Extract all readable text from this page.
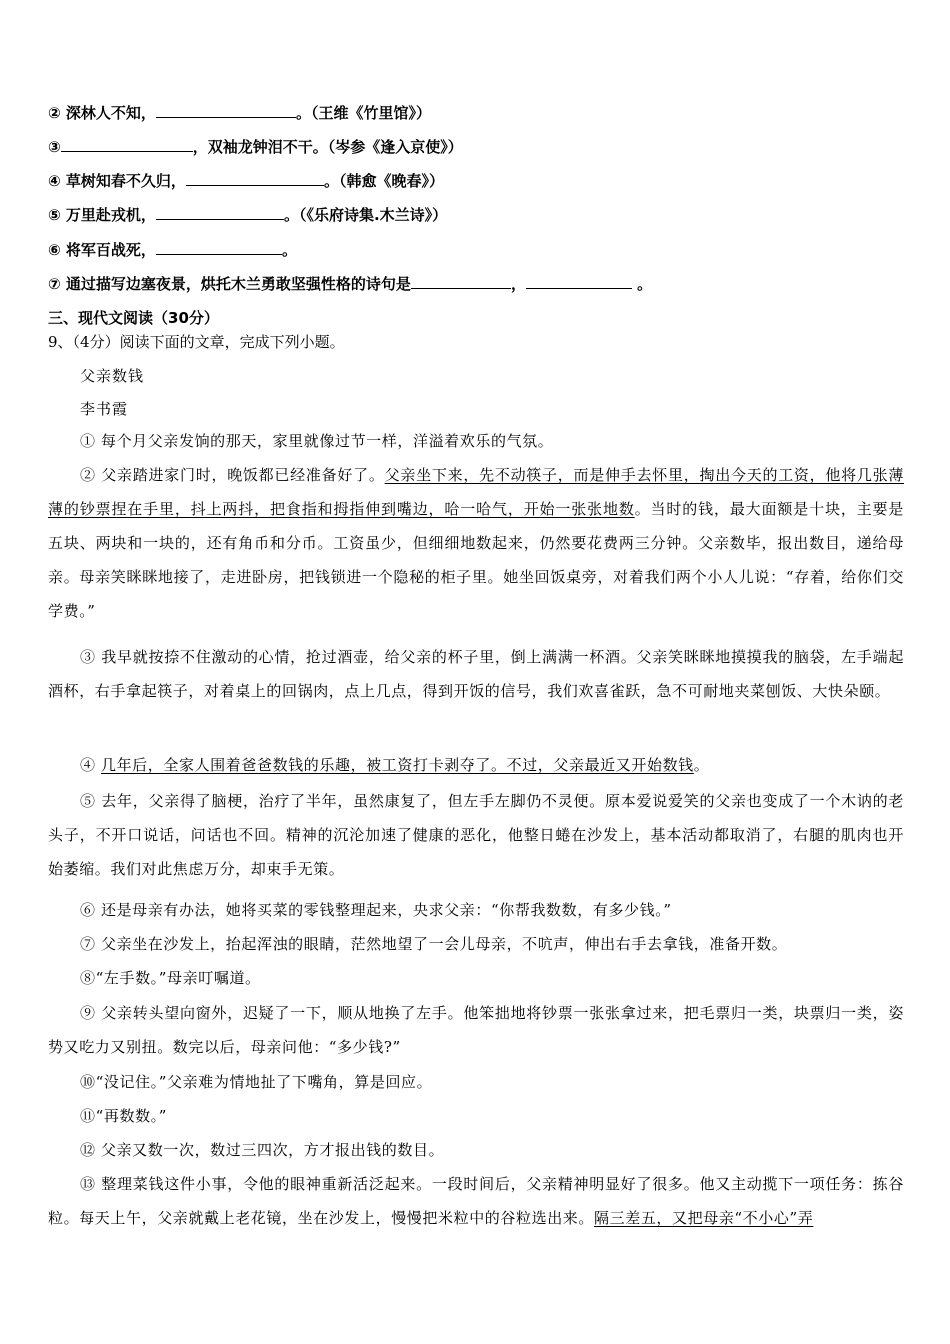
② 深林人不知，	。（王维《竹里馆》）
③	，双袖龙钟泪不干。（岑参《逢入京使》）
④ 草树知春不久归，	。（韩愈《晚春》）
⑤ 万里赴戎机，	。（《乐府诗集.木兰诗》）
⑥ 将军百战死，	。
⑦ 通过描写边塞夜景，烘托木兰勇敢坚强性格的诗句是	，	。
三、现代文阅读（30分）
9、（4分）阅读下面的文章，完成下列小题。
父亲数钱
李书霞
① 每个月父亲发饷的那天，家里就像过节一样，洋溢着欢乐的气氛。
② 父亲踏进家门时，晚饭都已经准备好了。父亲坐下来，先不动筷子，而是伸手去怀里，掏出今天的工资，他将几张薄薄的钞票捏在手里，抖上两抖，把食指和拇指伸到嘴边，哈一哈气，开始一张张地数。当时的钱，最大面额是十块，主要是五块、两块和一块的，还有角币和分币。工资虽少，但细细地数起来，仍然要花费两三分钟。父亲数毕，报出数目，递给母亲。母亲笑眯眯地接了，走进卧房，把钱锁进一个隐秘的柜子里。她坐回饭桌旁，对着我们两个小人儿说：“存着，给你们交学费。”
③ 我早就按捺不住激动的心情，抢过酒壶，给父亲的杯子里，倒上满满一杯酒。父亲笑眯眯地摸摸我的脑袋，左手端起酒杯，右手拿起筷子，对着桌上的回锅肉，点上几点，得到开饭的信号，我们欢喜雀跃，急不可耐地夹菜刨饭、大快朵颐。
④ 几年后，全家人围着爸爸数钱的乐趣，被工资打卡剥夺了。不过，父亲最近又开始数钱。
⑤ 去年，父亲得了脑梗，治疗了半年，虽然康复了，但左手左脚仍不灵便。原本爱说爱笑的父亲也变成了一个木讷的老头子，不开口说话，问话也不回。精神的沉沦加速了健康的恶化，他整日蜷在沙发上，基本活动都取消了，右腿的肌肉也开始萎缩。我们对此焦虑万分，却束手无策。
⑥ 还是母亲有办法，她将买菜的零钱整理起来，央求父亲：“你帮我数数，有多少钱。”
⑦ 父亲坐在沙发上，抬起浑浊的眼睛，茫然地望了一会儿母亲，不吭声，伸出右手去拿钱，准备开数。
⑧“左手数。”母亲叮嘱道。
⑨ 父亲转头望向窗外，迟疑了一下，顺从地换了左手。他笨拙地将钞票一张张拿过来，把毛票归一类，块票归一类，姿势又吃力又别扭。数完以后，母亲问他：“多少钱?”
⑩“没记住。”父亲难为情地扯了下嘴角，算是回应。
⑪“再数数。”
⑫ 父亲又数一次，数过三四次，方才报出钱的数目。
⑬ 整理菜钱这件小事，令他的眼神重新活泛起来。一段时间后，父亲精神明显好了很多。他又主动揽下一项任务：拣谷粒。每天上午，父亲就戴上老花镜，坐在沙发上，慢慢把米粒中的谷粒选出来。隔三差五，又把母亲“不小心”弄
